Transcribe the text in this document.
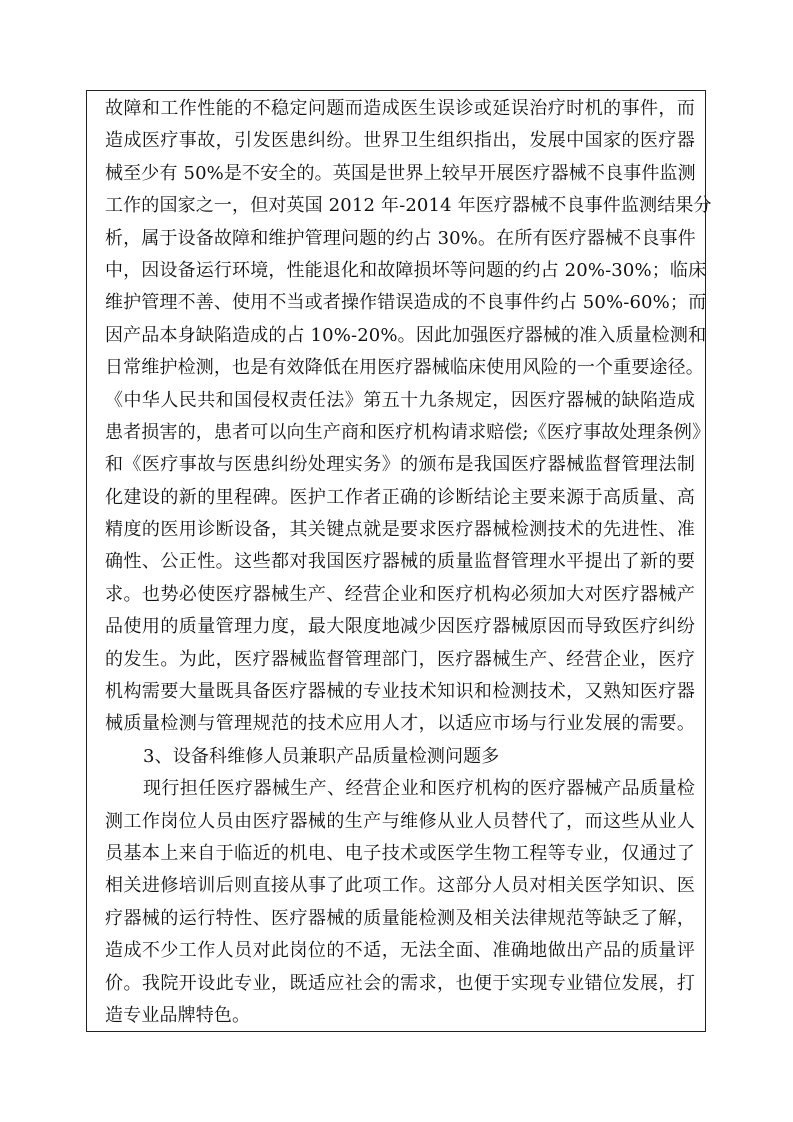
故障和工作性能的不稳定问题而造成医生误诊或延误治疗时机的事件，而
造成医疗事故，引发医患纠纷。世界卫生组织指出，发展中国家的医疗器
械至少有 50%是不安全的。英国是世界上较早开展医疗器械不良事件监测
工作的国家之一，但对英国 2012 年-2014 年医疗器械不良事件监测结果分
析，属于设备故障和维护管理问题的约占 30%。在所有医疗器械不良事件
中，因设备运行环境，性能退化和故障损坏等问题的约占 20%-30%；临床
维护管理不善、使用不当或者操作错误造成的不良事件约占 50%-60%；而
因产品本身缺陷造成的占 10%-20%。因此加强医疗器械的准入质量检测和
日常维护检测，也是有效降低在用医疗器械临床使用风险的一个重要途径。
《中华人民共和国侵权责任法》第五十九条规定，因医疗器械的缺陷造成
患者损害的，患者可以向生产商和医疗机构请求赔偿;《医疗事故处理条例》
和《医疗事故与医患纠纷处理实务》的颁布是我国医疗器械监督管理法制
化建设的新的里程碑。医护工作者正确的诊断结论主要来源于高质量、高
精度的医用诊断设备，其关键点就是要求医疗器械检测技术的先进性、准
确性、公正性。这些都对我国医疗器械的质量监督管理水平提出了新的要
求。也势必使医疗器械生产、经营企业和医疗机构必须加大对医疗器械产
品使用的质量管理力度，最大限度地减少因医疗器械原因而导致医疗纠纷
的发生。为此，医疗器械监督管理部门，医疗器械生产、经营企业，医疗
机构需要大量既具备医疗器械的专业技术知识和检测技术，又熟知医疗器
械质量检测与管理规范的技术应用人才，以适应市场与行业发展的需要。
3、设备科维修人员兼职产品质量检测问题多
现行担任医疗器械生产、经营企业和医疗机构的医疗器械产品质量检
测工作岗位人员由医疗器械的生产与维修从业人员替代了，而这些从业人
员基本上来自于临近的机电、电子技术或医学生物工程等专业，仅通过了
相关进修培训后则直接从事了此项工作。这部分人员对相关医学知识、医
疗器械的运行特性、医疗器械的质量能检测及相关法律规范等缺乏了解，
造成不少工作人员对此岗位的不适，无法全面、准确地做出产品的质量评
价。我院开设此专业，既适应社会的需求，也便于实现专业错位发展，打
造专业品牌特色。
